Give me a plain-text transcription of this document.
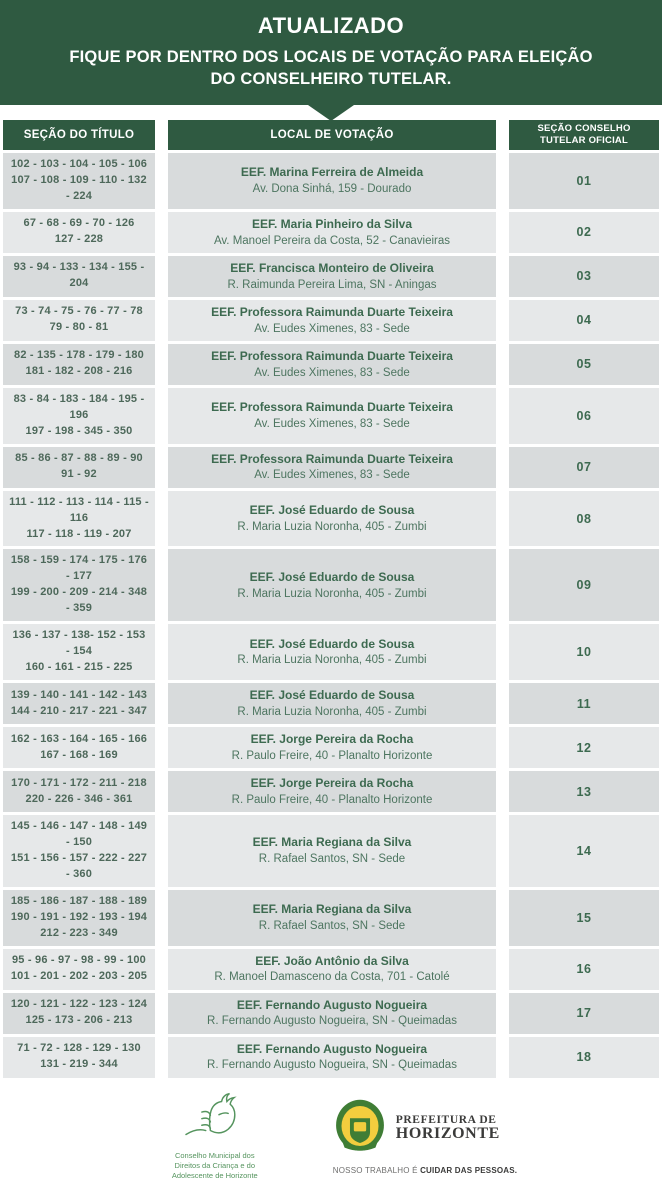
ATUALIZADO
FIQUE POR DENTRO DOS LOCAIS DE VOTAÇÃO PARA ELEIÇÃO
DO CONSELHEIRO TUTELAR.
SEÇÃO DO TÍTULO	LOCAL DE VOTAÇÃO
SEÇÃO CONSELHO
TUTELAR OFICIAL
102 - 103 - 104 - 105 - 106
107 - 108 - 109 - 110 - 132 - 224
EEF. Marina Ferreira de Almeida
Av. Dona Sinhá, 159 - Dourado
01
67 - 68 - 69 - 70 - 126
127 - 228
EEF. Maria Pinheiro da Silva
Av. Manoel Pereira da Costa, 52 - Canavieiras
02
93 - 94 - 133 - 134 - 155 - 204
EEF. Francisca Monteiro de Oliveira
R. Raimunda Pereira Lima, SN - Aningas
03
73 - 74 - 75 - 76 - 77 - 78
79 - 80 - 81
EEF. Professora Raimunda Duarte Teixeira
Av. Eudes Ximenes, 83 - Sede
04
82 - 135 - 178 - 179 - 180
181 - 182 - 208 - 216
EEF. Professora Raimunda Duarte Teixeira
Av. Eudes Ximenes, 83 - Sede
05
83 - 84 - 183 - 184 - 195 - 196
197 - 198 - 345 - 350
EEF. Professora Raimunda Duarte Teixeira
Av. Eudes Ximenes, 83 - Sede
06
85 - 86 - 87 - 88 - 89 - 90
91 - 92
EEF. Professora Raimunda Duarte Teixeira
Av. Eudes Ximenes, 83 - Sede
07
111 - 112 - 113 - 114 - 115 - 116
117 - 118 - 119 - 207
EEF. José Eduardo de Sousa
R. Maria Luzia Noronha, 405 - Zumbi
08
158 - 159 - 174 - 175 - 176 - 177
199 - 200 - 209 - 214 - 348 - 359
EEF. José Eduardo de Sousa
R. Maria Luzia Noronha, 405 - Zumbi
09
136 - 137 - 138- 152 - 153 - 154
160 - 161 - 215 - 225
EEF. José Eduardo de Sousa
R. Maria Luzia Noronha, 405 - Zumbi
10
139 - 140 - 141 - 142 - 143
144 - 210 - 217 - 221 - 347
EEF. José Eduardo de Sousa
R. Maria Luzia Noronha, 405 - Zumbi
11
162 - 163 - 164 - 165 - 166
167 - 168 - 169
EEF. Jorge Pereira da Rocha
R. Paulo Freire, 40 - Planalto Horizonte
12
170 - 171 - 172 - 211 - 218
220 - 226 - 346 - 361
EEF. Jorge Pereira da Rocha
R. Paulo Freire, 40 - Planalto Horizonte
13
145 - 146 - 147 - 148 - 149 - 150
151 - 156 - 157 - 222 - 227 - 360
EEF. Maria Regiana da Silva
R. Rafael Santos, SN - Sede
14
185 - 186 - 187 - 188 - 189
190 - 191 - 192 - 193 - 194
212 - 223 - 349
EEF. Maria Regiana da Silva
R. Rafael Santos, SN - Sede
15
95 - 96 - 97 - 98 - 99 - 100
101 - 201 - 202 - 203 - 205
EEF. João Antônio da Silva
R. Manoel Damasceno da Costa, 701 - Catolé
16
120 - 121 - 122 - 123 - 124
125 - 173 - 206 - 213
EEF. Fernando Augusto Nogueira
R. Fernando Augusto Nogueira, SN - Queimadas
17
71 - 72 - 128 - 129 - 130
131 - 219 - 344
EEF. Fernando Augusto Nogueira
R. Fernando Augusto Nogueira, SN - Queimadas
18
Conselho Municipal dos
Direitos da Criança e do
Adolescente de Horizonte
PREFEITURA DE
HORIZONTE
NOSSO TRABALHO É CUIDAR DAS PESSOAS.
